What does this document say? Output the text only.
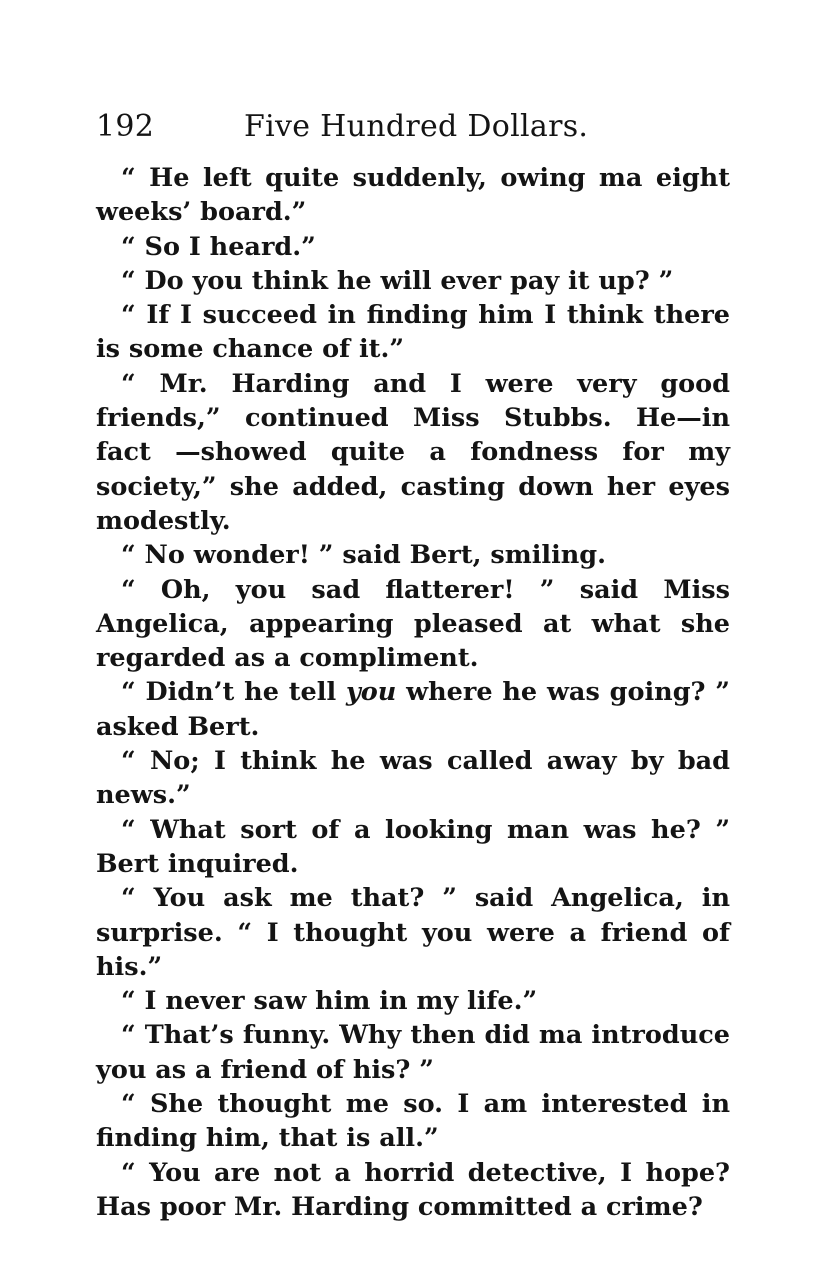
192	Five Hundred Dollars.

“ He left quite suddenly, owing ma eight weeks’ board.”

“ So I heard.”

“ Do you think he will ever pay it up? ”

“ If I succeed in finding him I think there is some chance of it.”

“ Mr. Harding and I were very good friends,” continued Miss Stubbs. He—in fact —showed quite a fondness for my society,” she added, casting down her eyes modestly.

“ No wonder! ” said Bert, smiling.

“ Oh, you sad flatterer! ” said Miss Angelica, appearing pleased at what she regarded as a compliment.

“ Didn’t he tell you where he was going? ” asked Bert.

“ No; I think he was called away by bad news.”

“ What sort of a looking man was he? ” Bert inquired.

“ You ask me that? ” said Angelica, in surprise. “ I thought you were a friend of his.”

“ I never saw him in my life.”

“ That’s funny. Why then did ma introduce you as a friend of his? ”

“ She thought me so. I am interested in finding him, that is all.”

“ You are not a horrid detective, I hope? Has poor Mr. Harding committed a crime?
